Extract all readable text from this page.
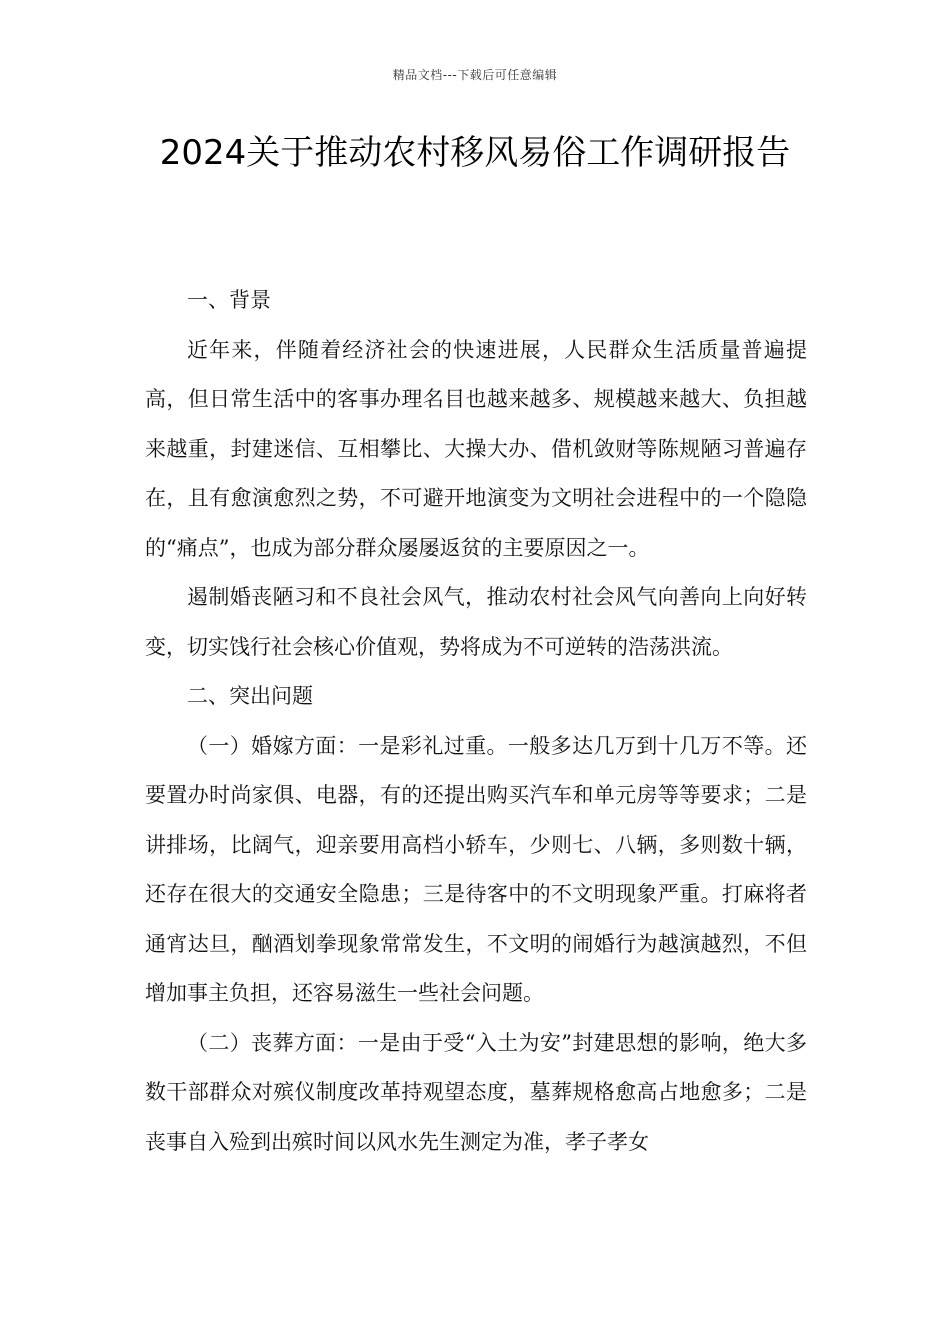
精品文档---下载后可任意编辑
2024关于推动农村移风易俗工作调研报告

一、背景

近年来，伴随着经济社会的快速进展，人民群众生活质量普遍提高，但日常生活中的客事办理名目也越来越多、规模越来越大、负担越来越重，封建迷信、互相攀比、大操大办、借机敛财等陈规陋习普遍存在，且有愈演愈烈之势，不可避开地演变为文明社会进程中的一个隐隐的“痛点”，也成为部分群众屡屡返贫的主要原因之一。

遏制婚丧陋习和不良社会风气，推动农村社会风气向善向上向好转变，切实饯行社会核心价值观，势将成为不可逆转的浩荡洪流。

二、突出问题

（一）婚嫁方面：一是彩礼过重。一般多达几万到十几万不等。还要置办时尚家俱、电器，有的还提出购买汽车和单元房等等要求；二是讲排场，比阔气，迎亲要用高档小轿车，少则七、八辆，多则数十辆，还存在很大的交通安全隐患；三是待客中的不文明现象严重。打麻将者通宵达旦，酗酒划拳现象常常发生，不文明的闹婚行为越演越烈，不但增加事主负担，还容易滋生一些社会问题。

（二）丧葬方面：一是由于受“入土为安”封建思想的影响，绝大多数干部群众对殡仪制度改革持观望态度，墓葬规格愈高占地愈多；二是丧事自入殓到出殡时间以风水先生测定为准，孝子孝女
